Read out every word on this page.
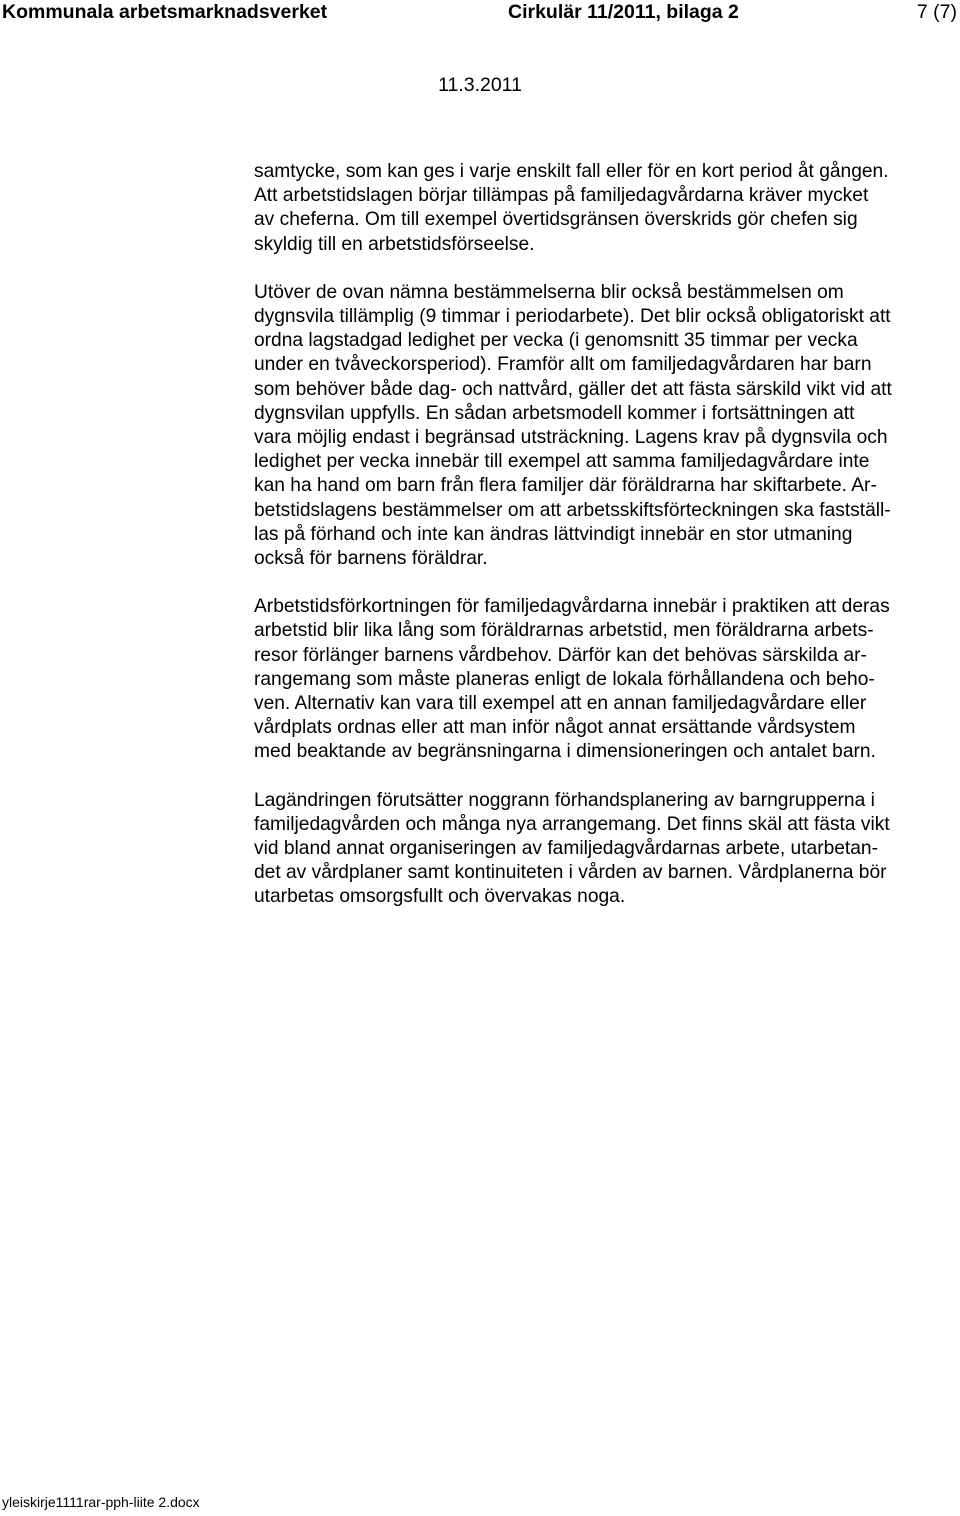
Kommunala arbetsmarknadsverket	Cirkulär 11/2011, bilaga 2	7 (7)
11.3.2011

samtycke, som kan ges i varje enskilt fall eller för en kort period åt gången.
Att arbetstidslagen börjar tillämpas på familjedagvårdarna kräver mycket
av cheferna. Om till exempel övertidsgränsen överskrids gör chefen sig
skyldig till en arbetstidsförseelse.

Utöver de ovan nämna bestämmelserna blir också bestämmelsen om
dygnsvila tillämplig (9 timmar i periodarbete). Det blir också obligatoriskt att
ordna lagstadgad ledighet per vecka (i genomsnitt 35 timmar per vecka
under en tvåveckorsperiod). Framför allt om familjedagvårdaren har barn
som behöver både dag- och nattvård, gäller det att fästa särskild vikt vid att
dygnsvilan uppfylls. En sådan arbetsmodell kommer i fortsättningen att
vara möjlig endast i begränsad utsträckning. Lagens krav på dygnsvila och
ledighet per vecka innebär till exempel att samma familjedagvårdare inte
kan ha hand om barn från flera familjer där föräldrarna har skiftarbete. Ar-
betstidslagens bestämmelser om att arbetsskiftsförteckningen ska fastställ-
las på förhand och inte kan ändras lättvindigt innebär en stor utmaning
också för barnens föräldrar.

Arbetstidsförkortningen för familjedagvårdarna innebär i praktiken att deras
arbetstid blir lika lång som föräldrarnas arbetstid, men föräldrarna arbets-
resor förlänger barnens vårdbehov. Därför kan det behövas särskilda ar-
rangemang som måste planeras enligt de lokala förhållandena och beho-
ven. Alternativ kan vara till exempel att en annan familjedagvårdare eller
vårdplats ordnas eller att man inför något annat ersättande vårdsystem
med beaktande av begränsningarna i dimensioneringen och antalet barn.

Lagändringen förutsätter noggrann förhandsplanering av barngrupperna i
familjedagvården och många nya arrangemang. Det finns skäl att fästa vikt
vid bland annat organiseringen av familjedagvårdarnas arbete, utarbetan-
det av vårdplaner samt kontinuiteten i vården av barnen. Vårdplanerna bör
utarbetas omsorgsfullt och övervakas noga.

yleiskirje1111rar-pph-liite 2.docx
